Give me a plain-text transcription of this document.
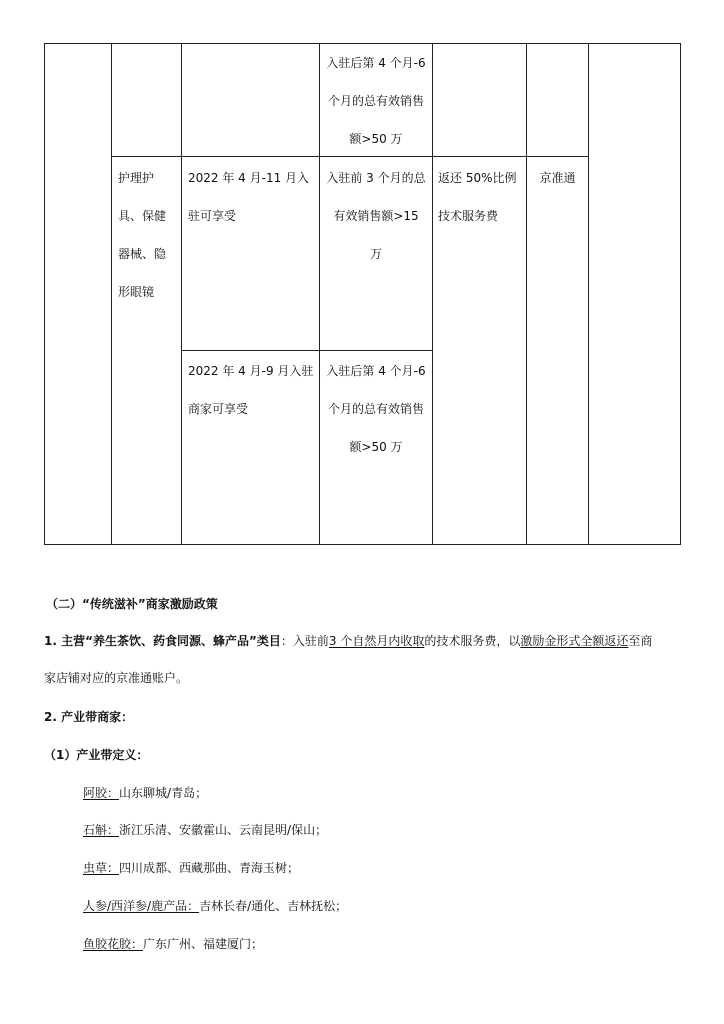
入驻后第 4 个月-6
个月的总有效销售
额>50 万
护理护
具、保健
器械、隐
形眼镜
2022 年 4 月-11 月入
驻可享受
入驻前 3 个月的总
有效销售额>15
万
返还 50%比例
技术服务费
京准通
2022 年 4 月-9 月入驻
商家可享受
入驻后第 4 个月-6
个月的总有效销售
额>50 万
（二）“传统滋补”商家激励政策
1. 主营“养生茶饮、药食同源、蜂产品”类目：入驻前3 个自然月内收取的技术服务费，以激励金形式全额返还至商
家店铺对应的京准通账户。
2. 产业带商家：
（1）产业带定义：
阿胶：山东聊城/青岛；
石斛：浙江乐清、安徽霍山、云南昆明/保山；
虫草：四川成都、西藏那曲、青海玉树；
人参/西洋参/鹿产品：吉林长春/通化、吉林抚松；
鱼胶花胶：广东广州、福建厦门；
